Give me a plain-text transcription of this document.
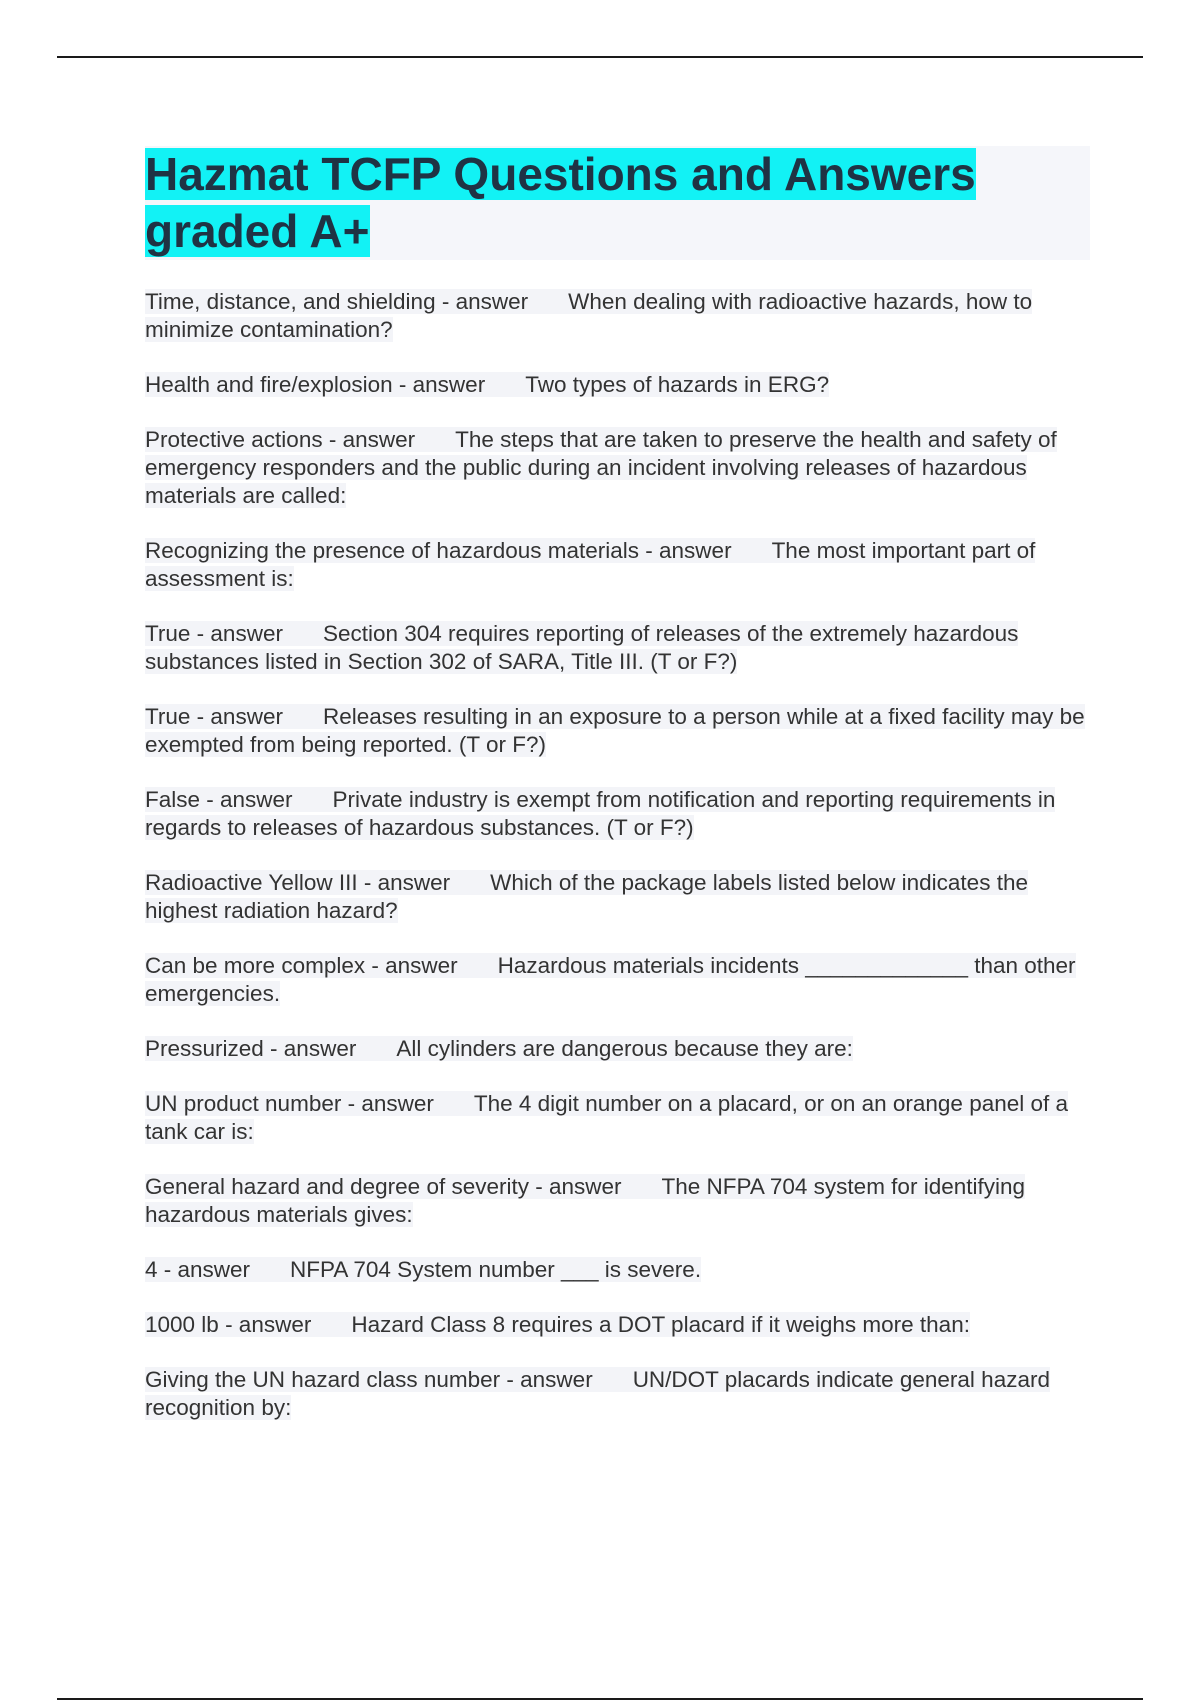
Hazmat TCFP Questions and Answers graded A+

Time, distance, and shielding - answer When dealing with radioactive hazards, how to minimize contamination?

Health and fire/explosion - answer Two types of hazards in ERG?

Protective actions - answer The steps that are taken to preserve the health and safety of emergency responders and the public during an incident involving releases of hazardous materials are called:

Recognizing the presence of hazardous materials - answer The most important part of assessment is:

True - answer Section 304 requires reporting of releases of the extremely hazardous substances listed in Section 302 of SARA, Title III. (T or F?)

True - answer Releases resulting in an exposure to a person while at a fixed facility may be exempted from being reported. (T or F?)

False - answer Private industry is exempt from notification and reporting requirements in regards to releases of hazardous substances. (T or F?)

Radioactive Yellow III - answer Which of the package labels listed below indicates the highest radiation hazard?

Can be more complex - answer Hazardous materials incidents _____________ than other emergencies.

Pressurized - answer All cylinders are dangerous because they are:

UN product number - answer The 4 digit number on a placard, or on an orange panel of a tank car is:

General hazard and degree of severity - answer The NFPA 704 system for identifying hazardous materials gives:

4 - answer NFPA 704 System number ___ is severe.

1000 lb - answer Hazard Class 8 requires a DOT placard if it weighs more than:

Giving the UN hazard class number - answer UN/DOT placards indicate general hazard recognition by:
